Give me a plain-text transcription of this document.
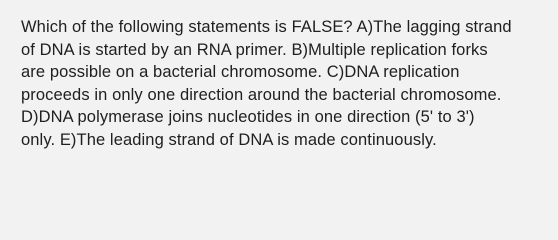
Which of the following statements is FALSE? A)The lagging strand
of DNA is started by an RNA primer. B)Multiple replication forks
are possible on a bacterial chromosome. C)DNA replication
proceeds in only one direction around the bacterial chromosome.
D)DNA polymerase joins nucleotides in one direction (5' to 3')
only. E)The leading strand of DNA is made continuously.
